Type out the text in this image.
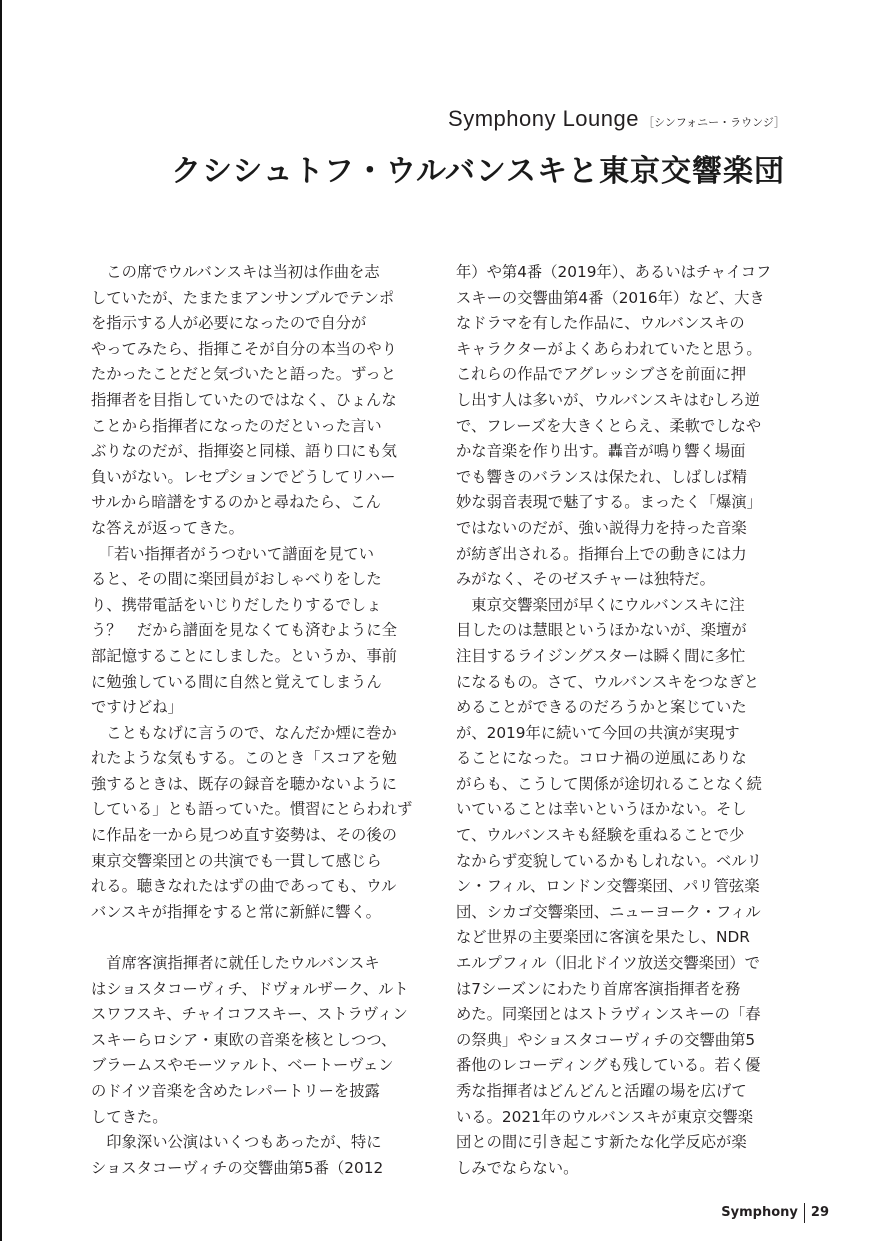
Symphony Lounge ［シンフォニー・ラウンジ］
クシシュトフ・ウルバンスキと東京交響楽団
　この席でウルバンスキは当初は作曲を志
していたが、たまたまアンサンブルでテンポ
を指示する人が必要になったので自分が
やってみたら、指揮こそが自分の本当のやり
たかったことだと気づいたと語った。ずっと
指揮者を目指していたのではなく、ひょんな
ことから指揮者になったのだといった言い
ぶりなのだが、指揮姿と同様、語り口にも気
負いがない。レセプションでどうしてリハー
サルから暗譜をするのかと尋ねたら、こん
な答えが返ってきた。
　「若い指揮者がうつむいて譜面を見てい
ると、その間に楽団員がおしゃべりをした
り、携帯電話をいじりだしたりするでしょ
う？　だから譜面を見なくても済むように全
部記憶することにしました。というか、事前
に勉強している間に自然と覚えてしまうん
ですけどね」
　こともなげに言うので、なんだか煙に巻か
れたような気もする。このとき「スコアを勉
強するときは、既存の録音を聴かないように
している」とも語っていた。慣習にとらわれず
に作品を一から見つめ直す姿勢は、その後の
東京交響楽団との共演でも一貫して感じら
れる。聴きなれたはずの曲であっても、ウル
バンスキが指揮をすると常に新鮮に響く。
　首席客演指揮者に就任したウルバンスキ
はショスタコーヴィチ、ドヴォルザーク、ルト
スワフスキ、チャイコフスキー、ストラヴィン
スキーらロシア・東欧の音楽を核としつつ、
ブラームスやモーツァルト、ベートーヴェン
のドイツ音楽を含めたレパートリーを披露
してきた。
　印象深い公演はいくつもあったが、特に
ショスタコーヴィチの交響曲第5番（2012
年）や第4番（2019年）、あるいはチャイコフ
スキーの交響曲第4番（2016年）など、大き
なドラマを有した作品に、ウルバンスキの
キャラクターがよくあらわれていたと思う。
これらの作品でアグレッシブさを前面に押
し出す人は多いが、ウルバンスキはむしろ逆
で、フレーズを大きくとらえ、柔軟でしなや
かな音楽を作り出す。轟音が鳴り響く場面
でも響きのバランスは保たれ、しばしば精
妙な弱音表現で魅了する。まったく「爆演」
ではないのだが、強い説得力を持った音楽
が紡ぎ出される。指揮台上での動きには力
みがなく、そのゼスチャーは独特だ。
　東京交響楽団が早くにウルバンスキに注
目したのは慧眼というほかないが、楽壇が
注目するライジングスターは瞬く間に多忙
になるもの。さて、ウルバンスキをつなぎと
めることができるのだろうかと案じていた
が、2019年に続いて今回の共演が実現す
ることになった。コロナ禍の逆風にありな
がらも、こうして関係が途切れることなく続
いていることは幸いというほかない。そし
て、ウルバンスキも経験を重ねることで少
なからず変貌しているかもしれない。ベルリ
ン・フィル、ロンドン交響楽団、パリ管弦楽
団、シカゴ交響楽団、ニューヨーク・フィル
など世界の主要楽団に客演を果たし、NDR
エルプフィル（旧北ドイツ放送交響楽団）で
は7シーズンにわたり首席客演指揮者を務
めた。同楽団とはストラヴィンスキーの「春
の祭典」やショスタコーヴィチの交響曲第5
番他のレコーディングも残している。若く優
秀な指揮者はどんどんと活躍の場を広げて
いる。2021年のウルバンスキが東京交響楽
団との間に引き起こす新たな化学反応が楽
しみでならない。
Symphony 29
